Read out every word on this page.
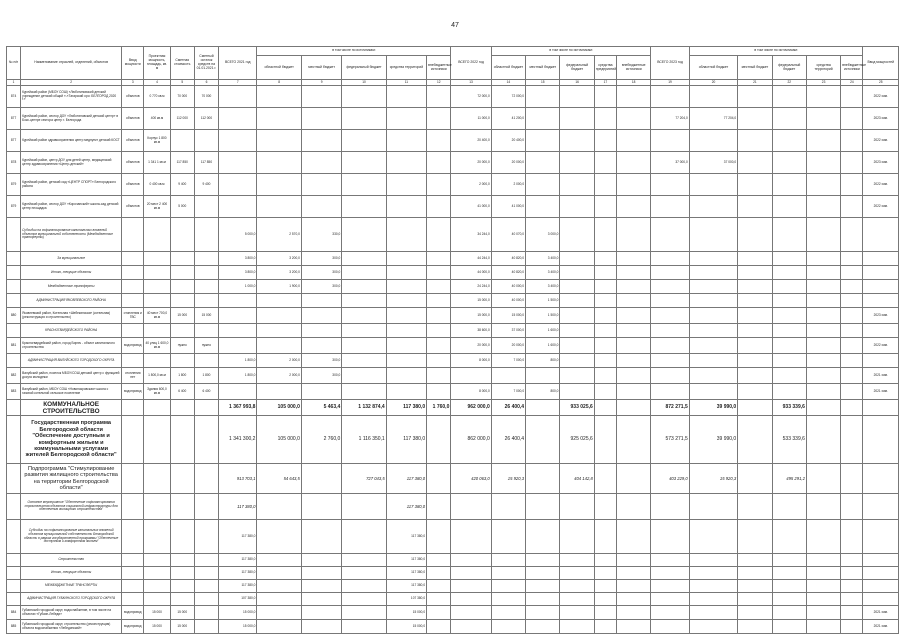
47
№ п/п	Наименование отраслей, отделений, объектов	Ввод мощности	Проектная мощность, площадь, кв. м	Сметная стоимость	Сметный остаток средств на 01.01.2021 г.	ВСЕГО 2021 год	в том числе по источникам:					ВСЕГО 2022 год	в том числе по источникам:					ВСЕГО 2023 год	в том числе по источникам:					Ввод мощностей
							областной бюджет	местный бюджет	федеральный бюджет	средства территорий	внебюджетные источники		областной бюджет	местный бюджет	федеральный бюджет	средства предприятий	внебюджетные источники		областной бюджет	местный бюджет	федеральный бюджет	средства территорий	внебюджетные источники	
1	2	3	4	5	6	7	8	9	10	11	12	13	14	15	16	17	18	19	20	21	22	23	24	25
874	Курейский район (МБОУ СОШ) «Люботиновский детский учреждение детский общий »-«Тагарский оро: БЕЛГОРОД 2020 г.»	объектов	0 770 кв.м	70 000	70 000							72 000,0	72 000,0											2022 изм.
877	Курейский район, сектор ДОУ «Люботиновский детский центр» в Бокс-центре сектора центр г. Белгорода	объектов	400 кв.м	112 000	112 000							11 000,0	41 200,0					77 204,0	77 204,0					2023 изм.
877	Курейский район здравоохранения центр медпункт детский КОСТ	объектов	Корпус 1 800 кв.м									20 400,0	20 400,0											2022 изм.
878	Курейский район, центр ДОУ для детей центр, медицинский центр здравоохранения «Центр-детский»	объектов	1 341 1 кв.м	117 850	117 850							20 000,0	20 000,0					37 000,0	37 000,0					2023 изм.
879	Курейский район, детский сад «ЦЕНТР СПОРТ» Белгородского района	объектов	0 400 кв.м	9 400	9 400							2 000,0	2 000,0											2022 изм.
879	Курейский район, сектор ДОУ «Корочанский» школа-сад детский центр площадка	объектов	20 мест 2 400 кв.м	5 000								41 000,0	41 000,0											2022 изм.
	Субсидии на софинансирование капитальных вложений объектов муниципальной собственности (Межбюджетные трансферты)					5 000,0	2 570,0	330,0				34 244,0	40 070,0	3 000,0										
	За муниципальное					3 800,0	3 200,0	300,0				44 244,0	40 820,0	3 400,0										
	Итого, текущие объекты					3 800,0	3 200,0	300,0				44 000,0	40 820,0	3 400,0										
	Межбюджетные трансферты					1 000,0	1 900,0	300,0				24 244,0	40 000,0	3 400,0										
	АДМИНИСТРАЦИЯ ЯКОВЛЕВСКОГО РАЙОНА											15 000,0	40 000,0	1 500,0										
880	Яковлевский район, Котельная «Шебекинская» (котельная) (реконструкция и строительство)	отопления и ГВС	40 мест 700,0 кв.м	15 000	15 000							15 000,0	15 000,0	1 500,0										2023 изм.
	КРАСНОГВАРДЕЙСКОГО РАЙОНА											38 600,0	37 000,0	1 600,0										
881	Красногвардейский район, город Бирюч - объект капитального строительства	водопровод	40 улиц 1 600,0 кв.м	нужно	нужно							20 000,0	20 000,0	1 600,0										2022 изм.
	АДМИНИСТРАЦИЯ ВАЛУЙСКОГО ГОРОДСКОГО ОКРУГА					1 800,0	2 000,0	300,0				8 000,0	7 000,0	800,0										
882	Валуйский район, поселок МБОУ/СОШ детский центр с функцией досуга молодежи	отопления нет	1 800,0 кв.м	1 800	1 800	1 800,0	2 000,0	300,0																2021 изм.
883	Валуйский район, МБОУ СОШ «Новопокровская» школа с газовой котельной сельское поселение	водопровод	Здания 600,0 кв.м	6 400	6 400							8 000,0	7 000,0	800,0										2021 изм.
	КОММУНАЛЬНОЕ СТРОИТЕЛЬСТВО					1 367 993,8	105 000,0	5 463,4	1 132 874,4	117 380,0	1 760,0	962 000,0	26 400,4		933 025,6			872 271,5	39 990,0		933 339,6			
	Государственная программа Белгородской области "Обеспечение доступным и комфортным жильем и коммунальными услугами жителей Белгородской области"					1 341 300,2	105 000,0	2 760,0	1 116 350,1	117 380,0		862 000,0	26 400,4		925 025,6			573 271,5	39 990,0		533 339,6			
	Подпрограмма "Стимулирование развития жилищного строительства на территории Белгородской области"					913 703,1	54 643,5		727 043,5	117 380,0		420 063,0	15 920,3		404 142,8			403 229,0	15 920,3		495 291,2			
	Основное мероприятие "Обеспечение софинансирования строительства объектов социальной инфраструктуры для обеспечения жилищного строительства"					117 380,0				117 380,0														
	Субсидии на софинансирование капитальных вложений объектов муниципальной собственности Белгородской области в рамках государственной программы "Обеспечение доступным и комфортным жильем"					117 380,0				117 380,0														
	Строительство					117 380,0				117 380,0														
	Итого, текущие объекты					117 380,0				117 380,0														
	МЕЖБЮДЖЕТНЫЕ ТРАНСФЕРТЫ					117 380,0				117 380,0														
	АДМИНИСТРАЦИЯ ГУБКИНСКОГО ГОРОДСКОГО ОКРУГА					107 380,0				107 380,0														
884	Губкинский городской округ, водоснабжение, в том числе на объектах «Губкин-Лебеди»	водопровод	15 000	15 000		15 000,0				15 000,0														2021 изм.
885	Губкинский городской округ, строительство (реконструкция) объекта водоснабжения «Лебединский»	водопровод	15 000	15 000		15 000,0				15 000,0														2021 изм.
